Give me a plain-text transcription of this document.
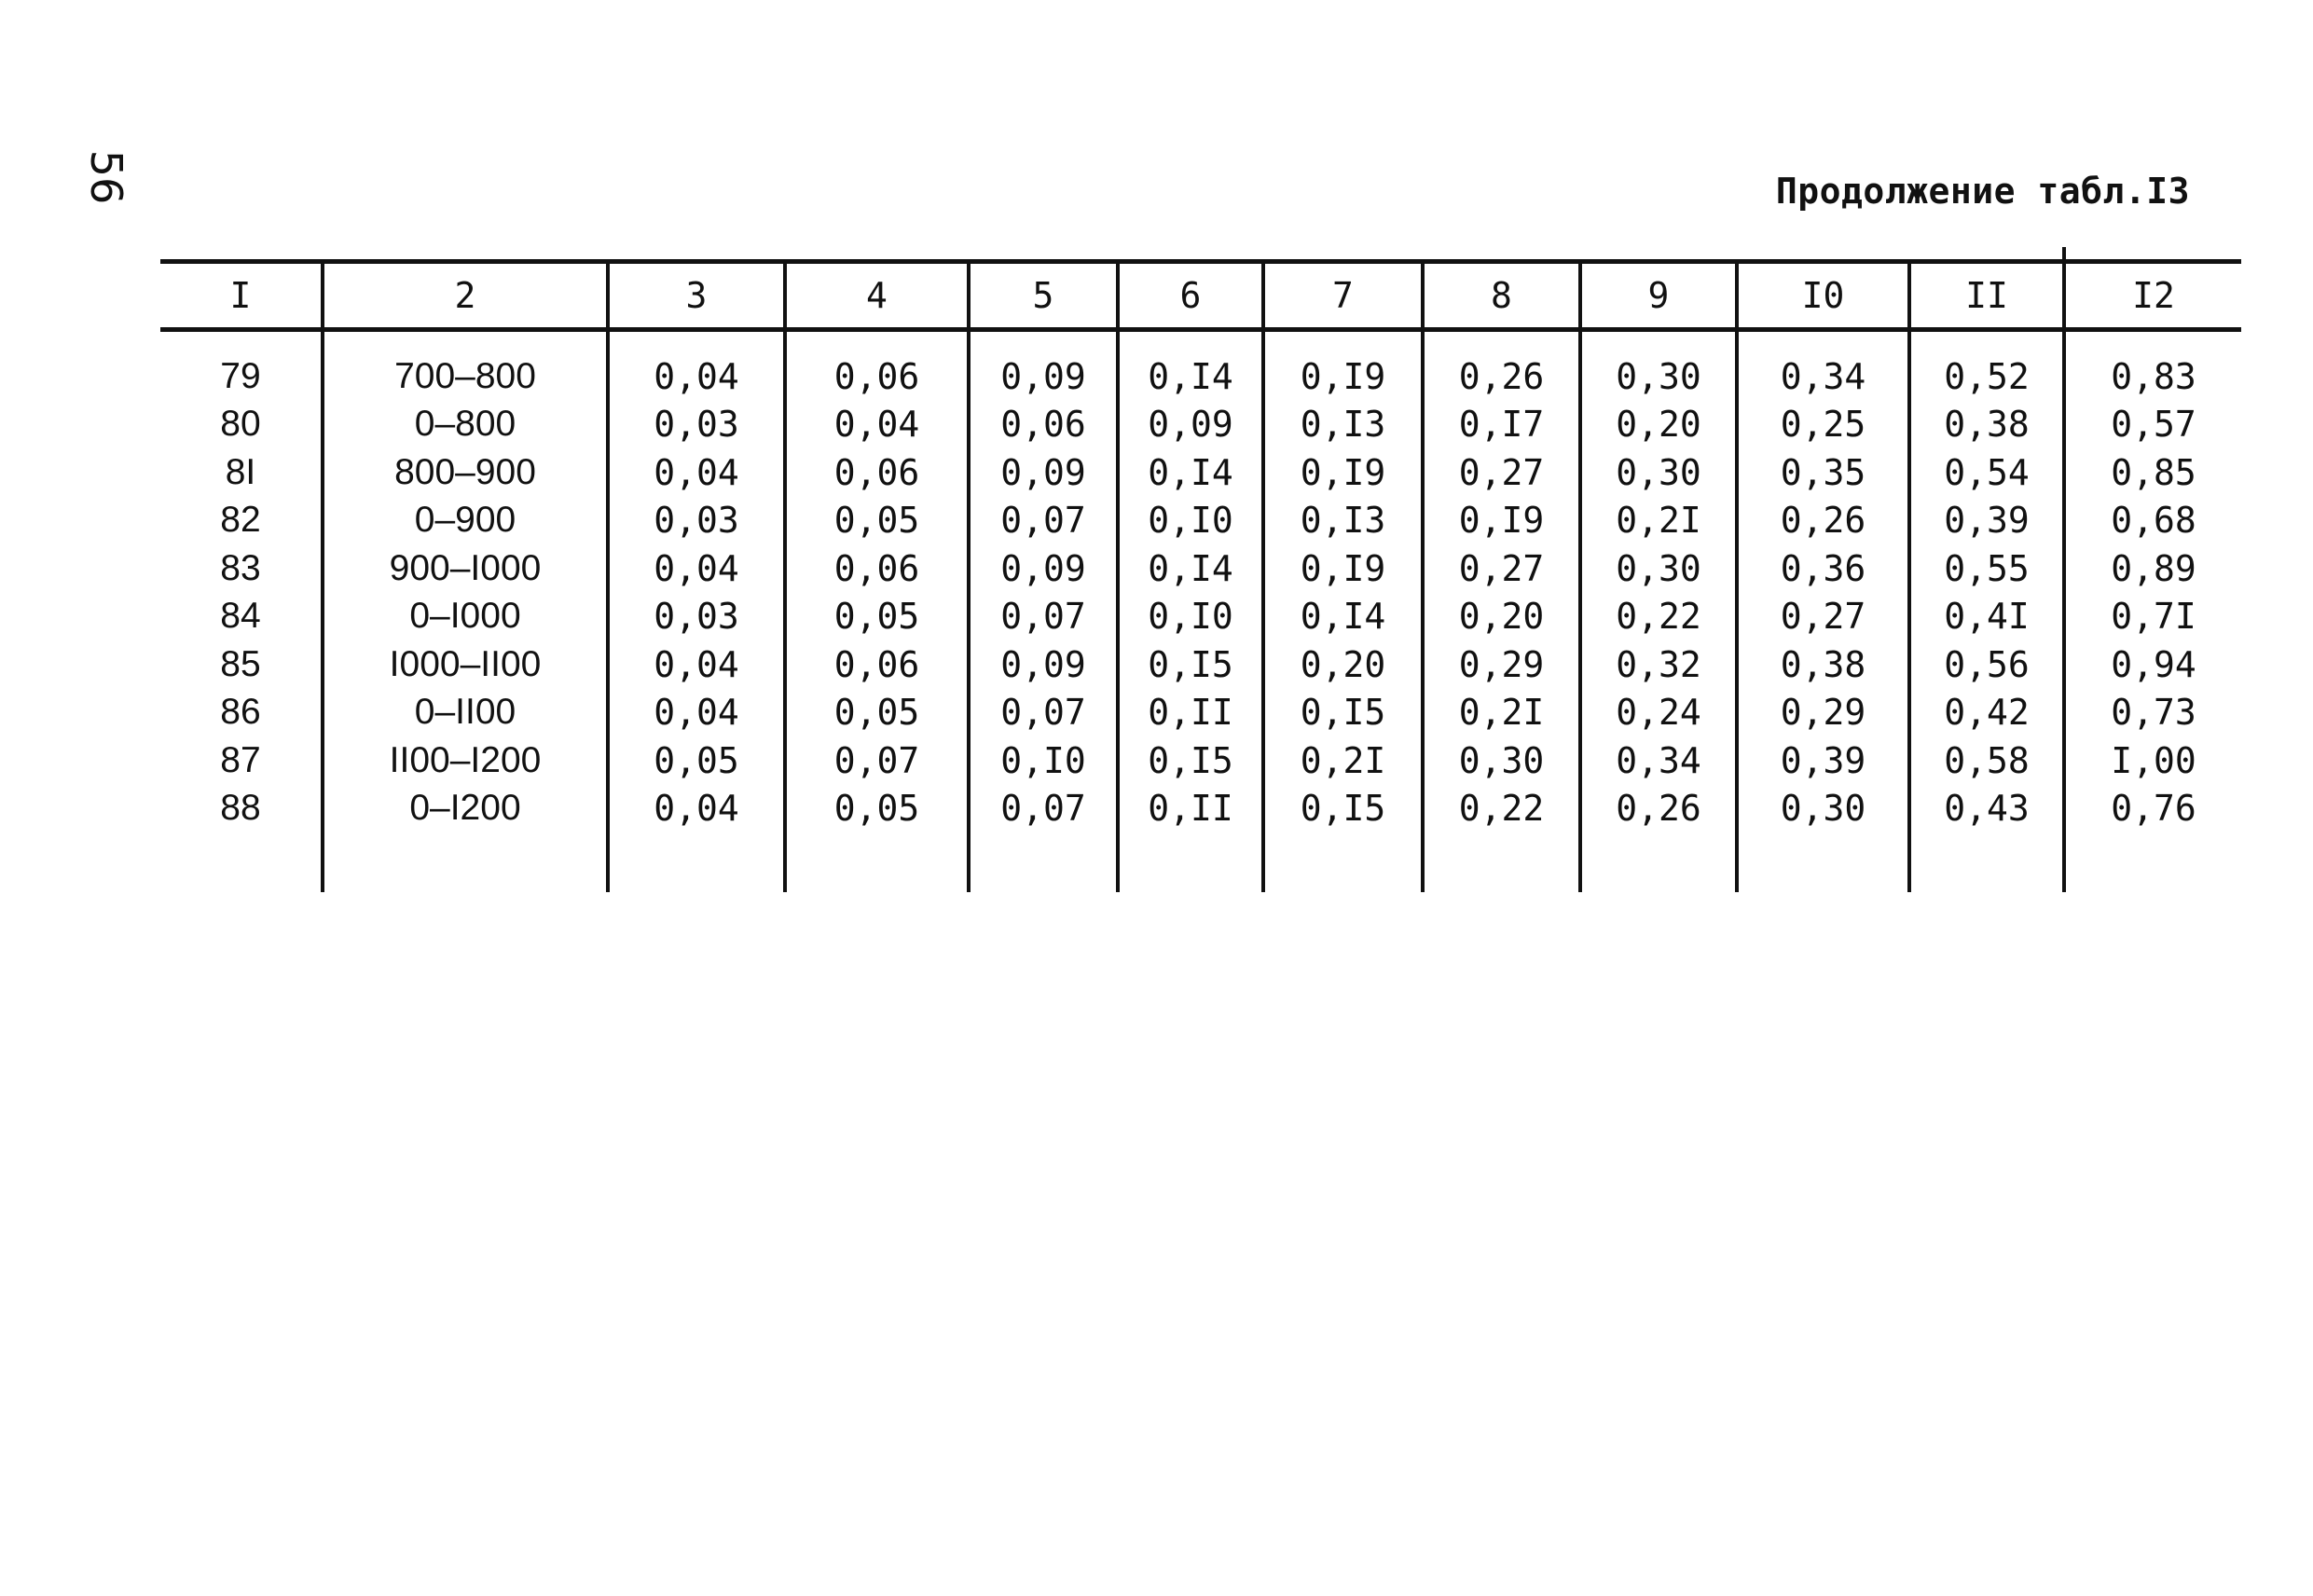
56	Продолжение табл.I3
I	2	3	4	5	6	7	8	9	I0	II	I2
79	700–800	0,04	0,06	0,09	0,I4	0,I9	0,26	0,30	0,34	0,52	0,83
80	0–800	0,03	0,04	0,06	0,09	0,I3	0,I7	0,20	0,25	0,38	0,57
8I	800–900	0,04	0,06	0,09	0,I4	0,I9	0,27	0,30	0,35	0,54	0,85
82	0–900	0,03	0,05	0,07	0,I0	0,I3	0,I9	0,2I	0,26	0,39	0,68
83	900–I000	0,04	0,06	0,09	0,I4	0,I9	0,27	0,30	0,36	0,55	0,89
84	0–I000	0,03	0,05	0,07	0,I0	0,I4	0,20	0,22	0,27	0,4I	0,7I
85	I000–II00	0,04	0,06	0,09	0,I5	0,20	0,29	0,32	0,38	0,56	0,94
86	0–II00	0,04	0,05	0,07	0,II	0,I5	0,2I	0,24	0,29	0,42	0,73
87	II00–I200	0,05	0,07	0,I0	0,I5	0,2I	0,30	0,34	0,39	0,58	I,00
88	0–I200	0,04	0,05	0,07	0,II	0,I5	0,22	0,26	0,30	0,43	0,76
